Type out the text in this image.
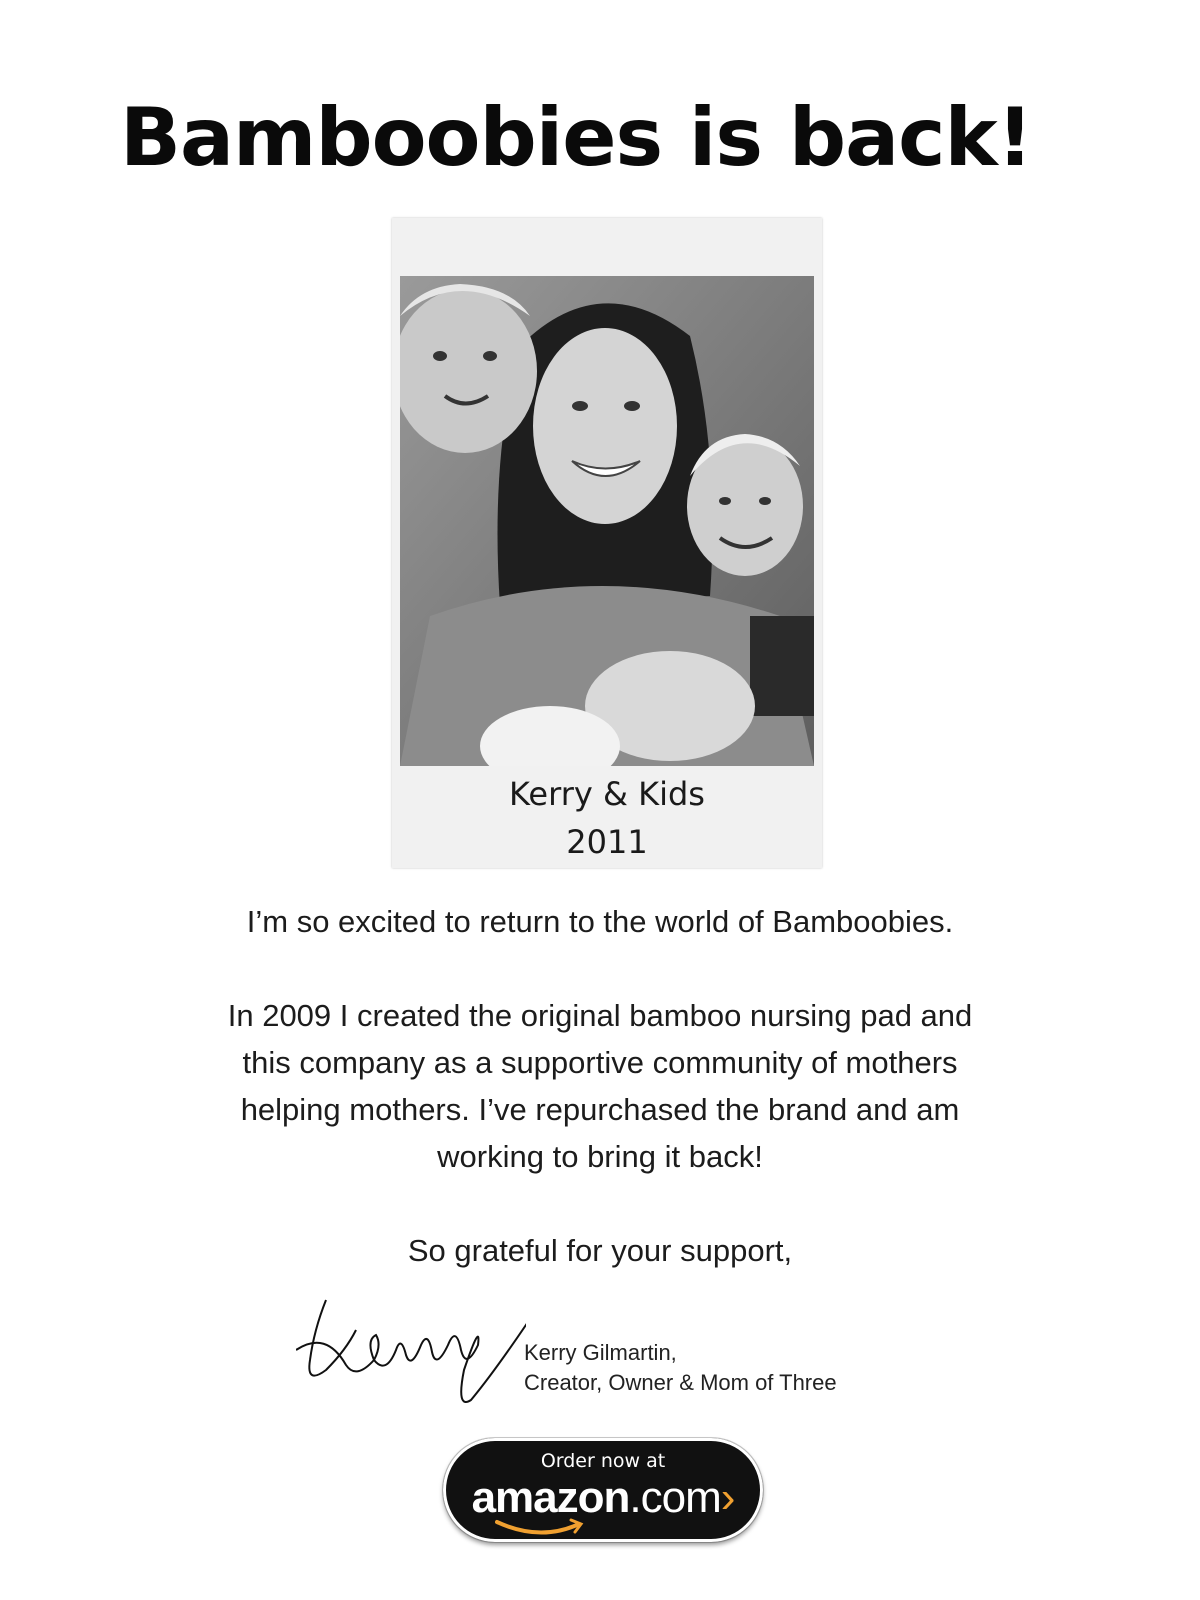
Bamboobies is back!
Kerry & Kids
2011

I’m so excited to return to the world of Bamboobies.

In 2009 I created the original bamboo nursing pad and

this company as a supportive community of mothers

helping mothers. I’ve repurchased the brand and am

working to bring it back!

So grateful for your support,

Kerry Gilmartin,
Creator, Owner & Mom of Three
Order now at
amazon.com›
